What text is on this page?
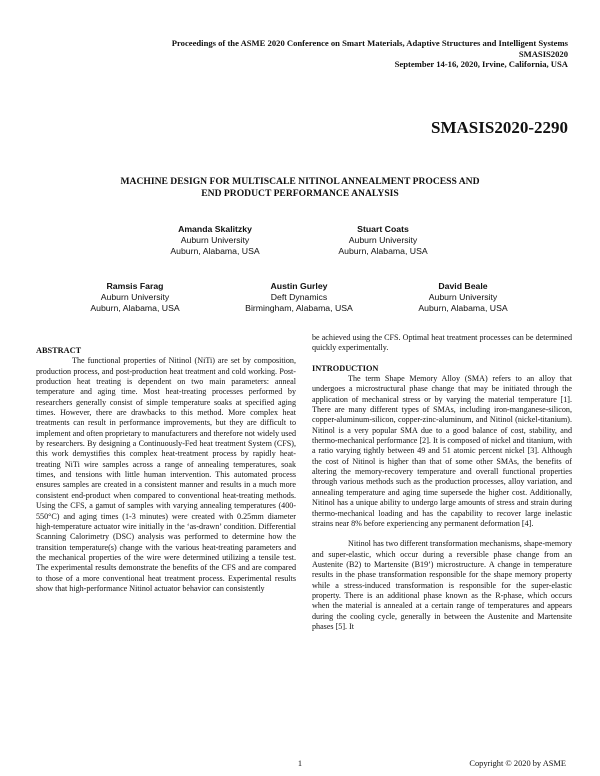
Proceedings of the ASME 2020 Conference on Smart Materials, Adaptive Structures and Intelligent Systems
SMASIS2020
September 14-16, 2020, Irvine, California, USA
SMASIS2020-2290
MACHINE DESIGN FOR MULTISCALE NITINOL ANNEALMENT PROCESS AND
END PRODUCT PERFORMANCE ANALYSIS
Amanda Skalitzky
Auburn University
Auburn, Alabama, USA
Stuart Coats
Auburn University
Auburn, Alabama, USA
Ramsis Farag
Auburn University
Auburn, Alabama, USA
Austin Gurley
Deft Dynamics
Birmingham, Alabama, USA
David Beale
Auburn University
Auburn, Alabama, USA
ABSTRACT

The functional properties of Nitinol (NiTi) are set by composition, production process, and post-production heat treatment and cold working. Post-production heat treating is dependent on two main parameters: anneal temperature and aging time. Most heat-treating processes performed by researchers generally consist of simple temperature soaks at specified aging times. However, there are drawbacks to this method. More complex heat treatments can result in performance improvements, but they are difficult to implement and often proprietary to manufacturers and therefore not widely used by researchers. By designing a Continuously-Fed heat treatment System (CFS), this work demystifies this complex heat-treatment process by rapidly heat-treating NiTi wire samples across a range of annealing temperatures, soak times, and tensions with little human intervention. This automated process ensures samples are created in a consistent manner and results in a much more consistent end-product when compared to conventional heat-treating methods. Using the CFS, a gamut of samples with varying annealing temperatures (400-550°C) and aging times (1-3 minutes) were created with 0.25mm diameter high-temperature actuator wire initially in the ‘as-drawn’ condition. Differential Scanning Calorimetry (DSC) analysis was performed to determine how the transition temperature(s) change with the various heat-treating parameters and the mechanical properties of the wire were determined utilizing a tensile test. The experimental results demonstrate the benefits of the CFS and are compared to those of a more conventional heat treatment process. Experimental results show that high-performance Nitinol actuator behavior can consistently

be achieved using the CFS. Optimal heat treatment processes can be determined quickly experimentally.

INTRODUCTION

The term Shape Memory Alloy (SMA) refers to an alloy that undergoes a microstructural phase change that may be initiated through the application of mechanical stress or by varying the material temperature [1]. There are many different types of SMAs, including iron-manganese-silicon, copper-aluminum-silicon, copper-zinc-aluminum, and Nitinol (nickel-titanium). Nitinol is a very popular SMA due to a good balance of cost, stability, and thermo-mechanical performance [2]. It is composed of nickel and titanium, with a ratio varying tightly between 49 and 51 atomic percent nickel [3]. Although the cost of Nitinol is higher than that of some other SMAs, the benefits of altering the memory-recovery temperature and overall functional properties through various methods such as the production processes, alloy variation, and annealing temperature and aging time supersede the higher cost. Additionally, Nitinol has a unique ability to undergo large amounts of stress and strain during thermo-mechanical loading and has the capability to recover large inelastic strains near 8% before experiencing any permanent deformation [4].

Nitinol has two different transformation mechanisms, shape-memory and super-elastic, which occur during a reversible phase change from an Austenite (B2) to Martensite (B19’) microstructure. A change in temperature results in the phase transformation responsible for the shape memory property while a stress-induced transformation is responsible for the super-elastic property. There is an additional phase known as the R-phase, which occurs when the material is annealed at a certain range of temperatures and appears during the cooling cycle, generally in between the Austenite and Martensite phases [5]. It

1	Copyright © 2020 by ASME
